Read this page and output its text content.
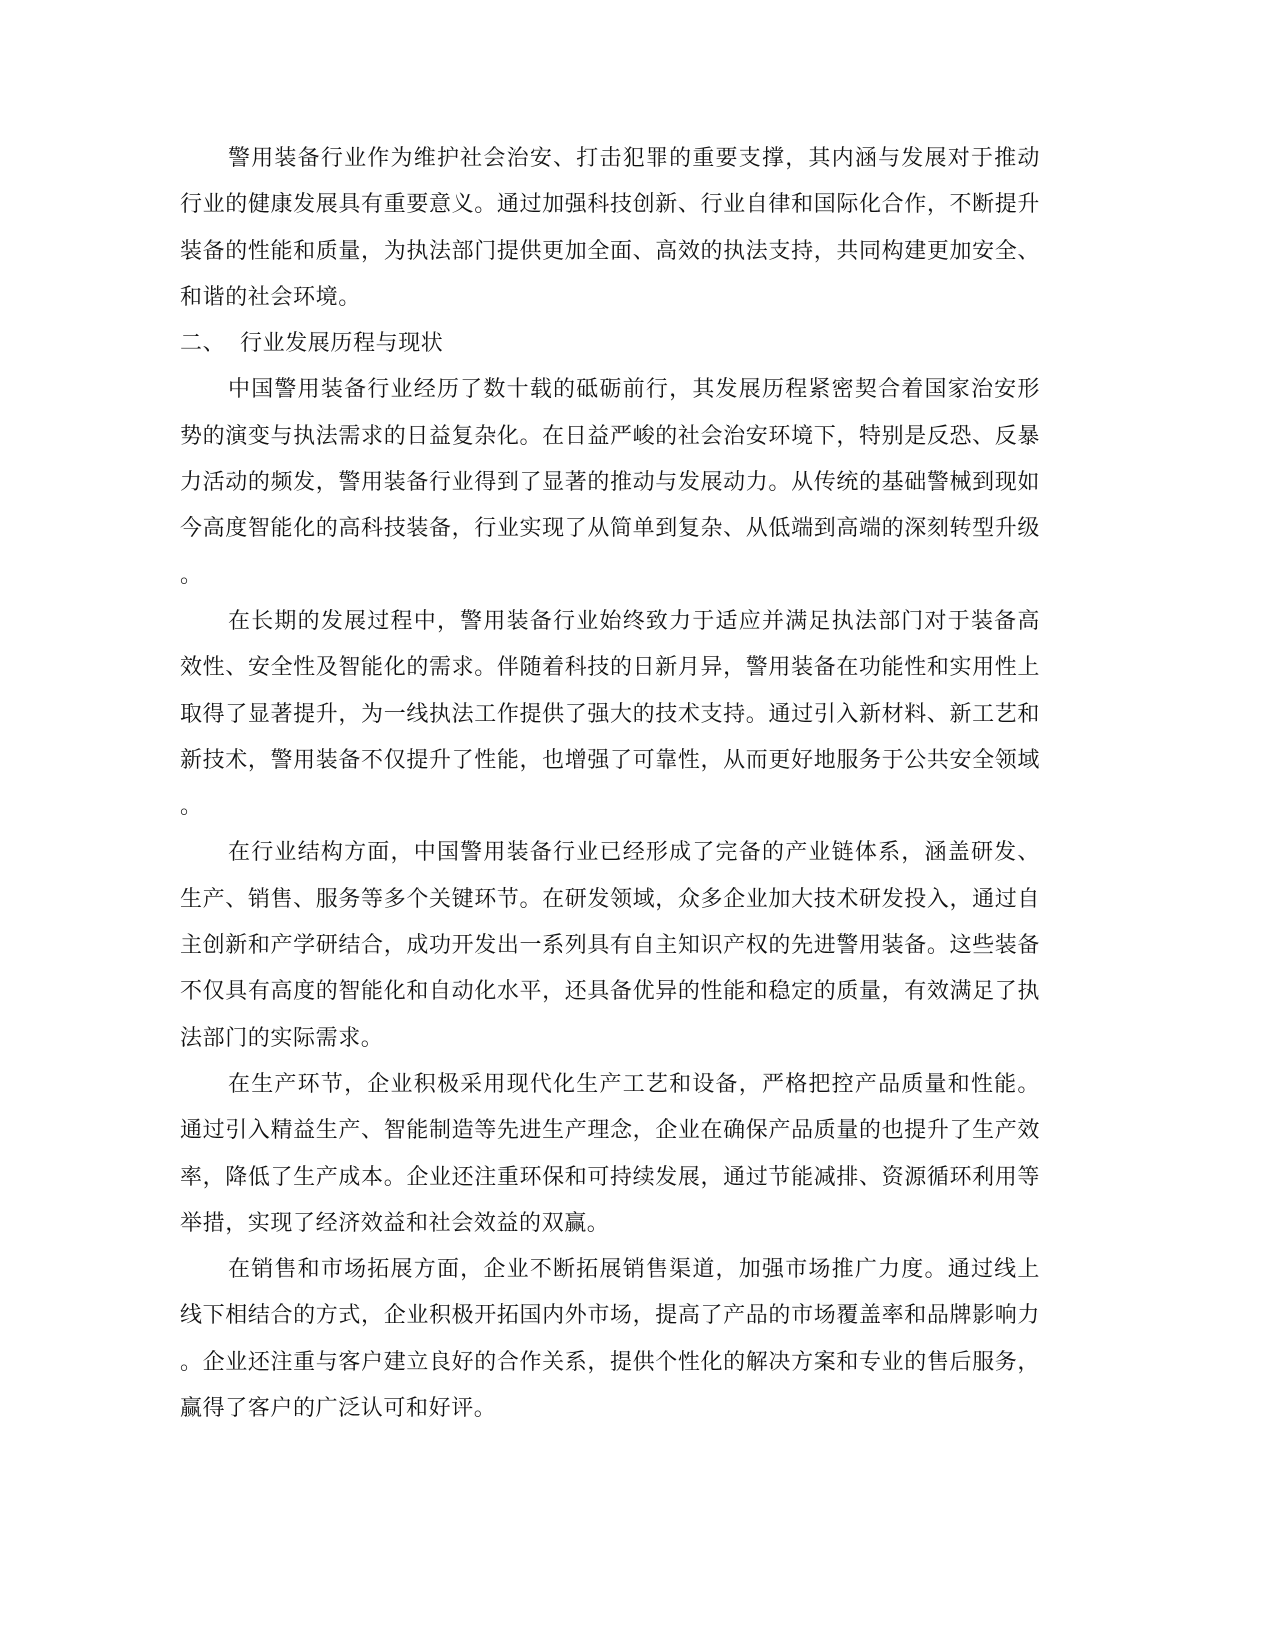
警用装备行业作为维护社会治安、打击犯罪的重要支撑，其内涵与发展对于推动行业的健康发展具有重要意义。通过加强科技创新、行业自律和国际化合作，不断提升装备的性能和质量，为执法部门提供更加全面、高效的执法支持，共同构建更加安全、和谐的社会环境。

二、 行业发展历程与现状

中国警用装备行业经历了数十载的砥砺前行，其发展历程紧密契合着国家治安形势的演变与执法需求的日益复杂化。在日益严峻的社会治安环境下，特别是反恐、反暴力活动的频发，警用装备行业得到了显著的推动与发展动力。从传统的基础警械到现如今高度智能化的高科技装备，行业实现了从简单到复杂、从低端到高端的深刻转型升级。

在长期的发展过程中，警用装备行业始终致力于适应并满足执法部门对于装备高效性、安全性及智能化的需求。伴随着科技的日新月异，警用装备在功能性和实用性上取得了显著提升，为一线执法工作提供了强大的技术支持。通过引入新材料、新工艺和新技术，警用装备不仅提升了性能，也增强了可靠性，从而更好地服务于公共安全领域。

在行业结构方面，中国警用装备行业已经形成了完备的产业链体系，涵盖研发、生产、销售、服务等多个关键环节。在研发领域，众多企业加大技术研发投入，通过自主创新和产学研结合，成功开发出一系列具有自主知识产权的先进警用装备。这些装备不仅具有高度的智能化和自动化水平，还具备优异的性能和稳定的质量，有效满足了执法部门的实际需求。

在生产环节，企业积极采用现代化生产工艺和设备，严格把控产品质量和性能。通过引入精益生产、智能制造等先进生产理念，企业在确保产品质量的也提升了生产效率，降低了生产成本。企业还注重环保和可持续发展，通过节能减排、资源循环利用等举措，实现了经济效益和社会效益的双赢。

在销售和市场拓展方面，企业不断拓展销售渠道，加强市场推广力度。通过线上线下相结合的方式，企业积极开拓国内外市场，提高了产品的市场覆盖率和品牌影响力。企业还注重与客户建立良好的合作关系，提供个性化的解决方案和专业的售后服务，赢得了客户的广泛认可和好评。
